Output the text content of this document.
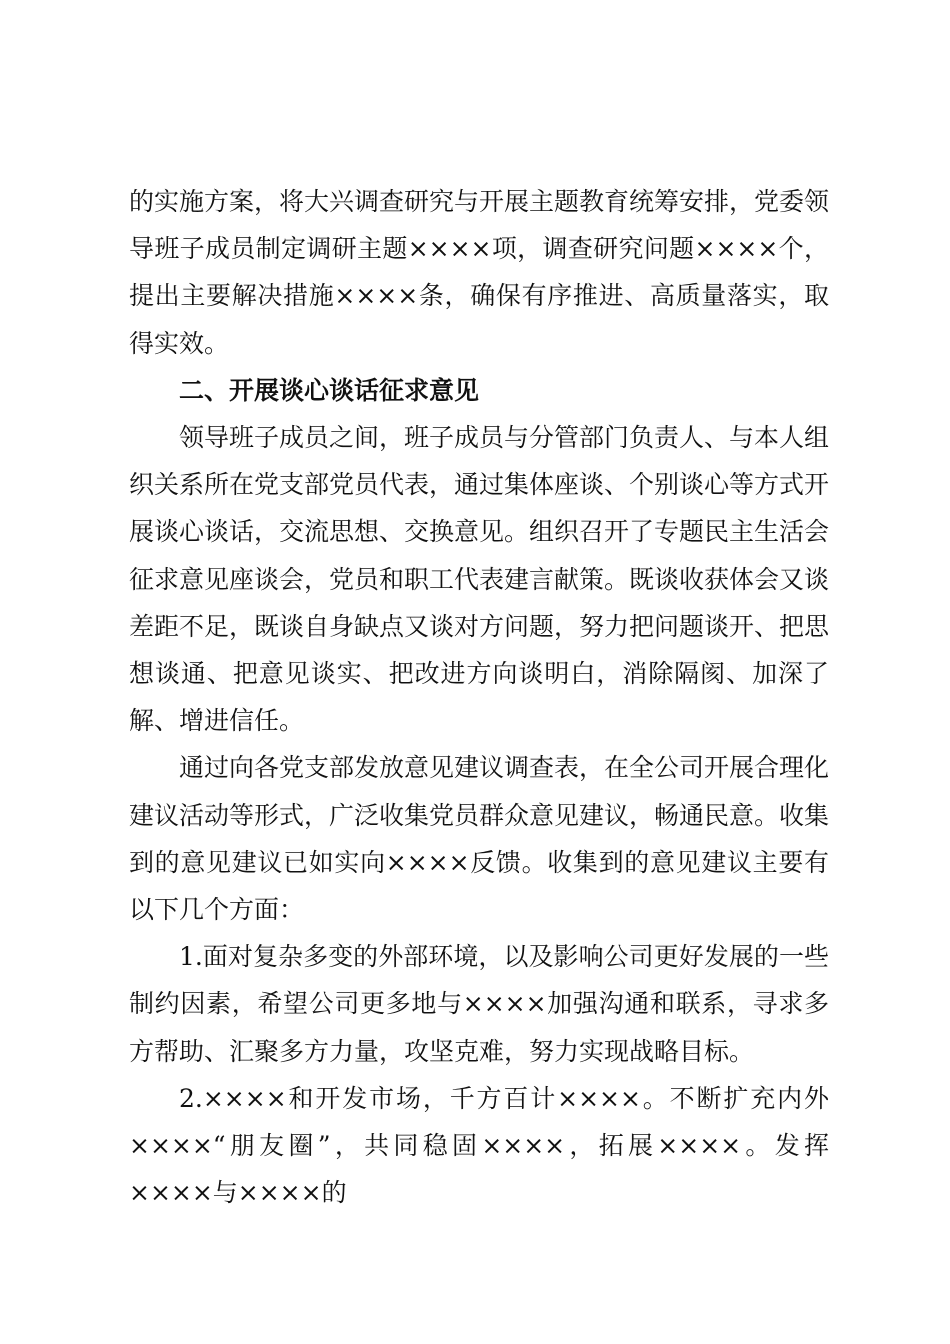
的实施方案，将大兴调查研究与开展主题教育统筹安排，党委领导班子成员制定调研主题××××项，调查研究问题××××个，提出主要解决措施××××条，确保有序推进、高质量落实，取得实效。

二、开展谈心谈话征求意见

领导班子成员之间，班子成员与分管部门负责人、与本人组织关系所在党支部党员代表，通过集体座谈、个别谈心等方式开展谈心谈话，交流思想、交换意见。组织召开了专题民主生活会征求意见座谈会，党员和职工代表建言献策。既谈收获体会又谈差距不足，既谈自身缺点又谈对方问题，努力把问题谈开、把思想谈通、把意见谈实、把改进方向谈明白，消除隔阂、加深了解、增进信任。

通过向各党支部发放意见建议调查表，在全公司开展合理化建议活动等形式，广泛收集党员群众意见建议，畅通民意。收集到的意见建议已如实向××××反馈。收集到的意见建议主要有以下几个方面：

1.面对复杂多变的外部环境，以及影响公司更好发展的一些制约因素，希望公司更多地与××××加强沟通和联系，寻求多方帮助、汇聚多方力量，攻坚克难，努力实现战略目标。

2.××××和开发市场，千方百计××××。不断扩充内外××××“朋友圈”，共同稳固××××，拓展××××。发挥××××与××××的
